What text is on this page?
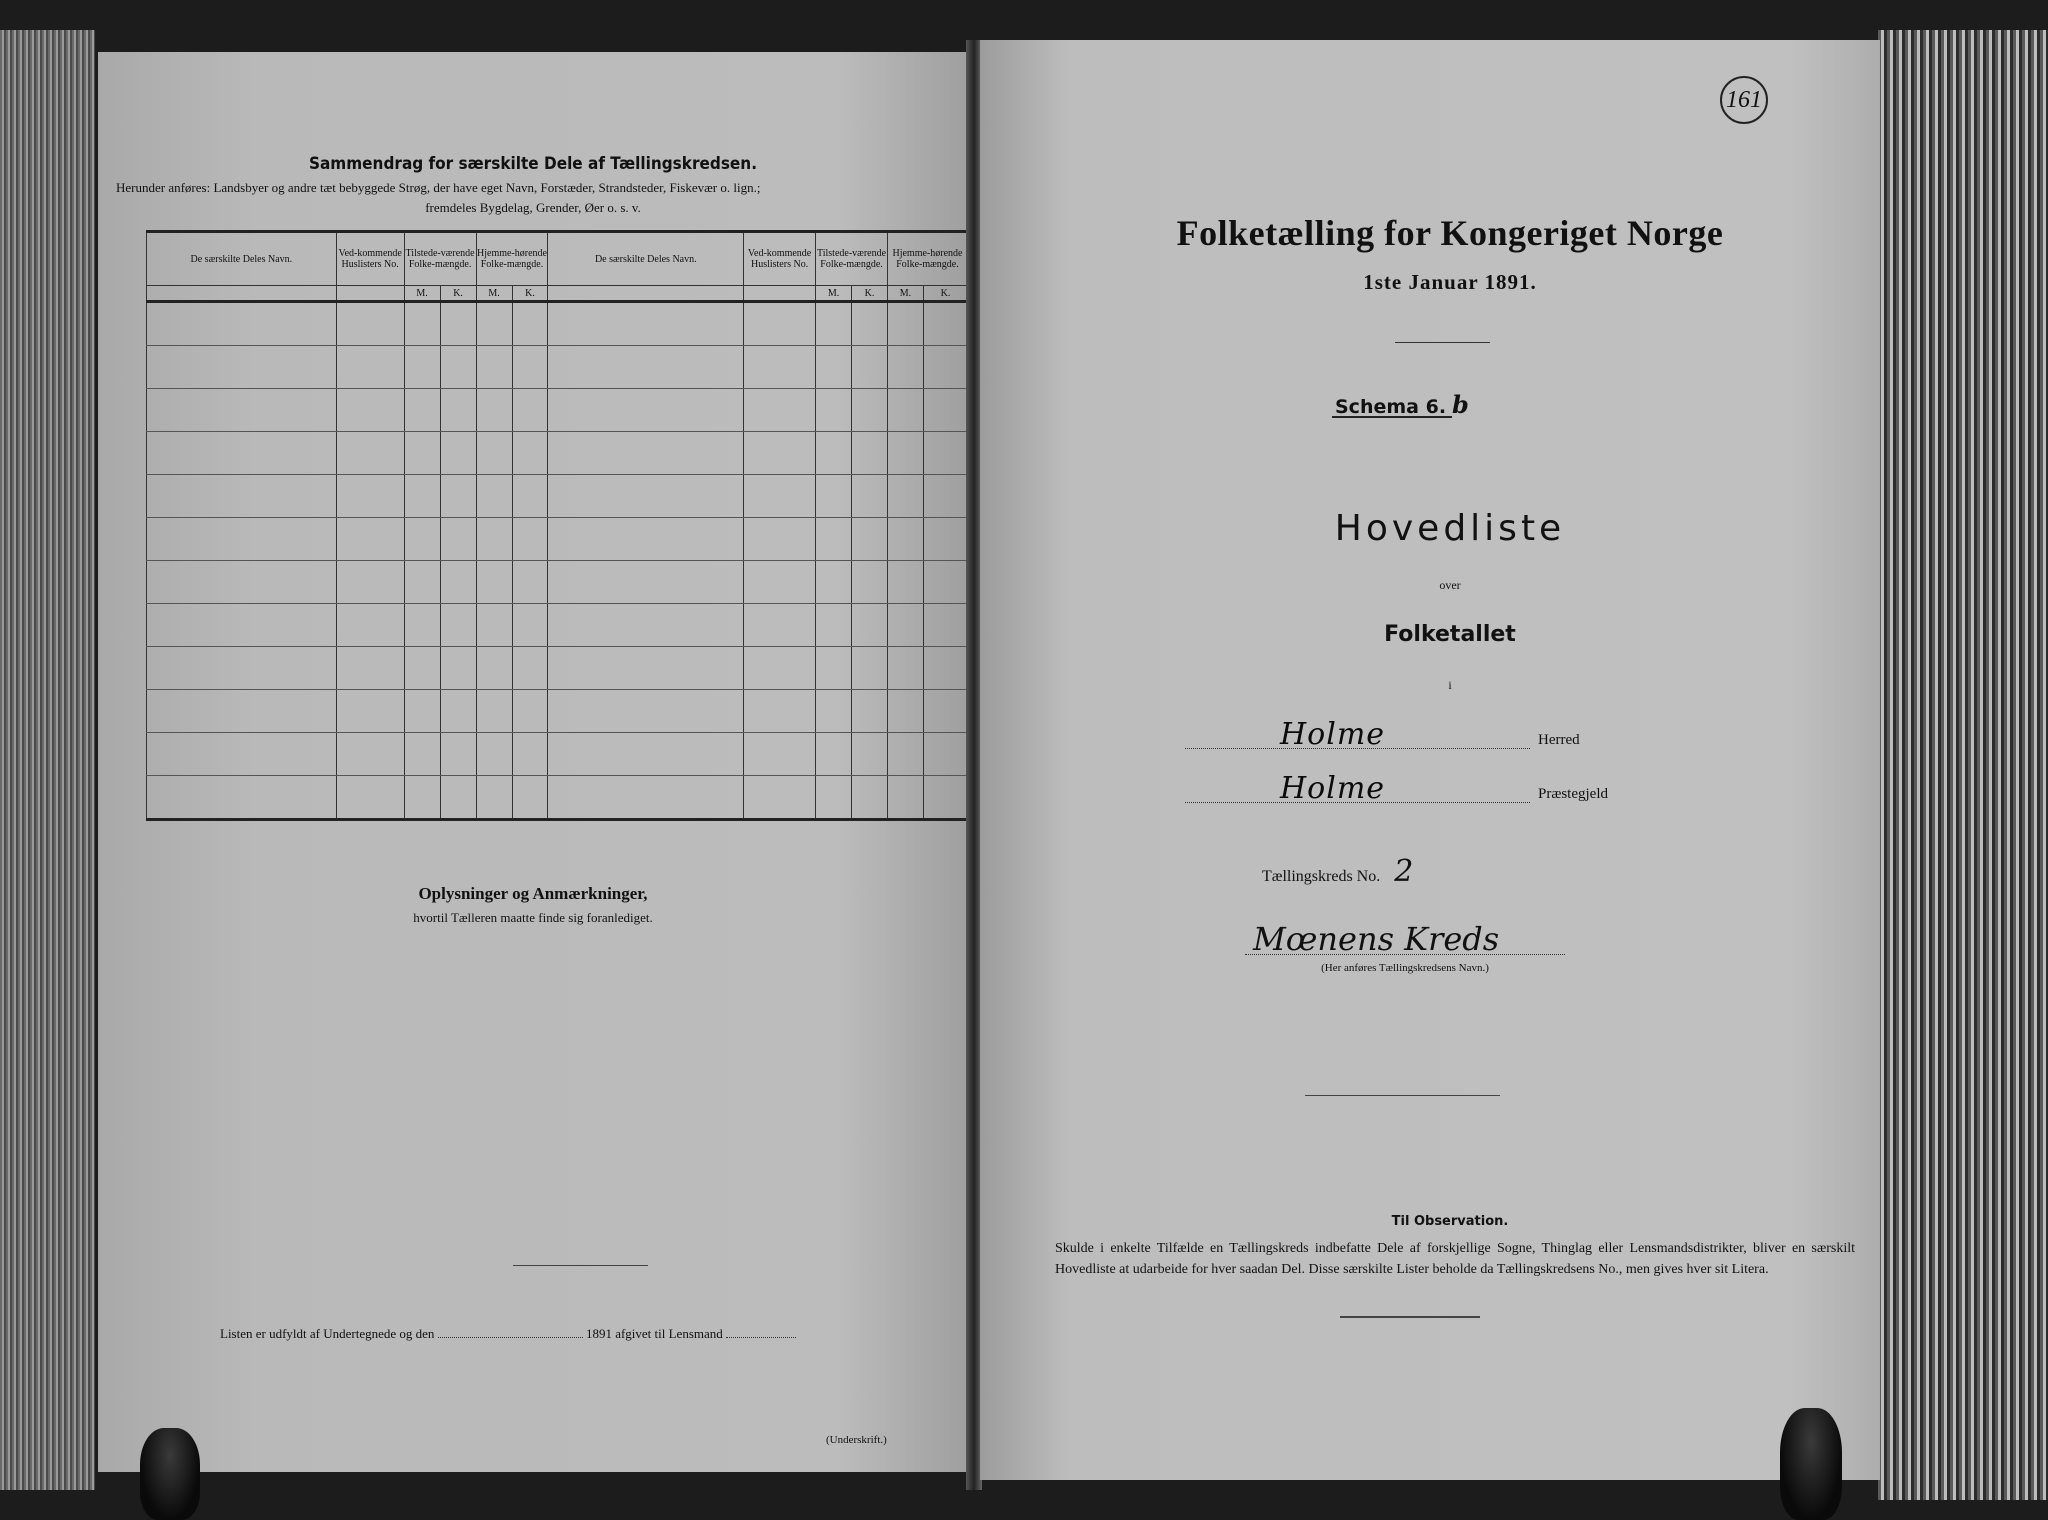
Sammendrag for særskilte Dele af Tællingskredsen.
Herunder anføres: Landsbyer og andre tæt bebyggede Strøg, der have eget Navn, Forstæder, Strandsteder, Fiskevær o. lign.;
fremdeles Bygdelag, Grender, Øer o. s. v.
De særskilte Deles Navn.	Ved-kommende Huslisters No.	Tilstede-værende Folke-mængde.		Hjemme-hørende Folke-mængde.		De særskilte Deles Navn.	Ved-kommende Huslisters No.	Tilstede-værende Folke-mængde.		Hjemme-hørende Folke-mængde.	
		M.	K.	M.	K.			M.	K.	M.	K.

Oplysninger og Anmærkninger,
hvortil Tælleren maatte finde sig foranlediget.
Listen er udfyldt af Undertegnede og den	1891 afgivet til Lensmand
(Underskrift.)
161
Folketælling for Kongeriget Norge
1ste Januar 1891.
Schema 6. b
Hovedliste
over
Folketallet
i
Holme	Herred
Holme	Præstegjeld
Tællingskreds No. 2
Mœnens Kreds
(Her anføres Tællingskredsens Navn.)
Til Observation.
Skulde i enkelte Tilfælde en Tællingskreds indbefatte Dele af forskjellige Sogne, Thinglag eller Lensmandsdistrikter, bliver en særskilt Hovedliste at udarbeide for hver saadan Del. Disse særskilte Lister beholde da Tællingskredsens No., men gives hver sit Litera.
